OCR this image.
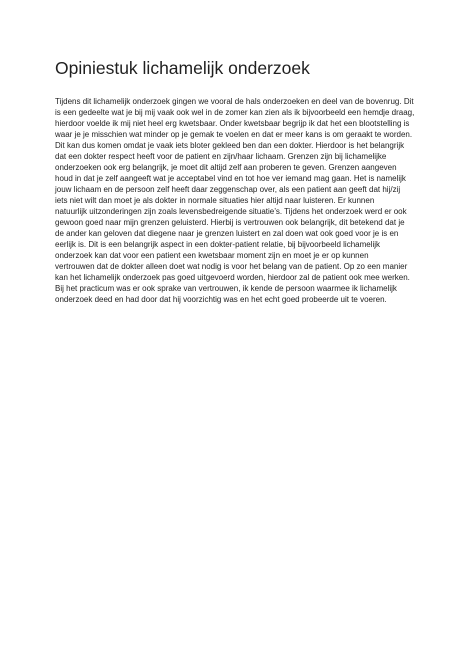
Opiniestuk lichamelijk onderzoek
Tijdens dit lichamelijk onderzoek gingen we vooral de hals onderzoeken en deel van de bovenrug. Dit
is een gedeelte wat je bij mij vaak ook wel in de zomer kan zien als ik bijvoorbeeld een hemdje draag,
hierdoor voelde ik mij niet heel erg kwetsbaar. Onder kwetsbaar begrijp ik dat het een blootstelling is
waar je je misschien wat minder op je gemak te voelen en dat er meer kans is om geraakt te worden.
Dit kan dus komen omdat je vaak iets bloter gekleed ben dan een dokter. Hierdoor is het belangrijk
dat een dokter respect heeft voor de patient en zijn/haar lichaam. Grenzen zijn bij lichamelijke
onderzoeken ook erg belangrijk, je moet dit altijd zelf aan proberen te geven. Grenzen aangeven
houd in dat je zelf aangeeft wat je acceptabel vind en tot hoe ver iemand mag gaan. Het is namelijk
jouw lichaam en de persoon zelf heeft daar zeggenschap over, als een patient aan geeft dat hij/zij
iets niet wilt dan moet je als dokter in normale situaties hier altijd naar luisteren. Er kunnen
natuurlijk uitzonderingen zijn zoals levensbedreigende situatie’s. Tijdens het onderzoek werd er ook
gewoon goed naar mijn grenzen geluisterd. Hierbij is vertrouwen ook belangrijk, dit betekend dat je
de ander kan geloven dat diegene naar je grenzen luistert en zal doen wat ook goed voor je is en
eerlijk is. Dit is een belangrijk aspect in een dokter-patient relatie, bij bijvoorbeeld lichamelijk
onderzoek kan dat voor een patient een kwetsbaar moment zijn en moet je er op kunnen
vertrouwen dat de dokter alleen doet wat nodig is voor het belang van de patient. Op zo een manier
kan het lichamelijk onderzoek pas goed uitgevoerd worden, hierdoor zal de patient ook mee werken.
Bij het practicum was er ook sprake van vertrouwen, ik kende de persoon waarmee ik lichamelijk
onderzoek deed en had door dat hij voorzichtig was en het echt goed probeerde uit te voeren.
